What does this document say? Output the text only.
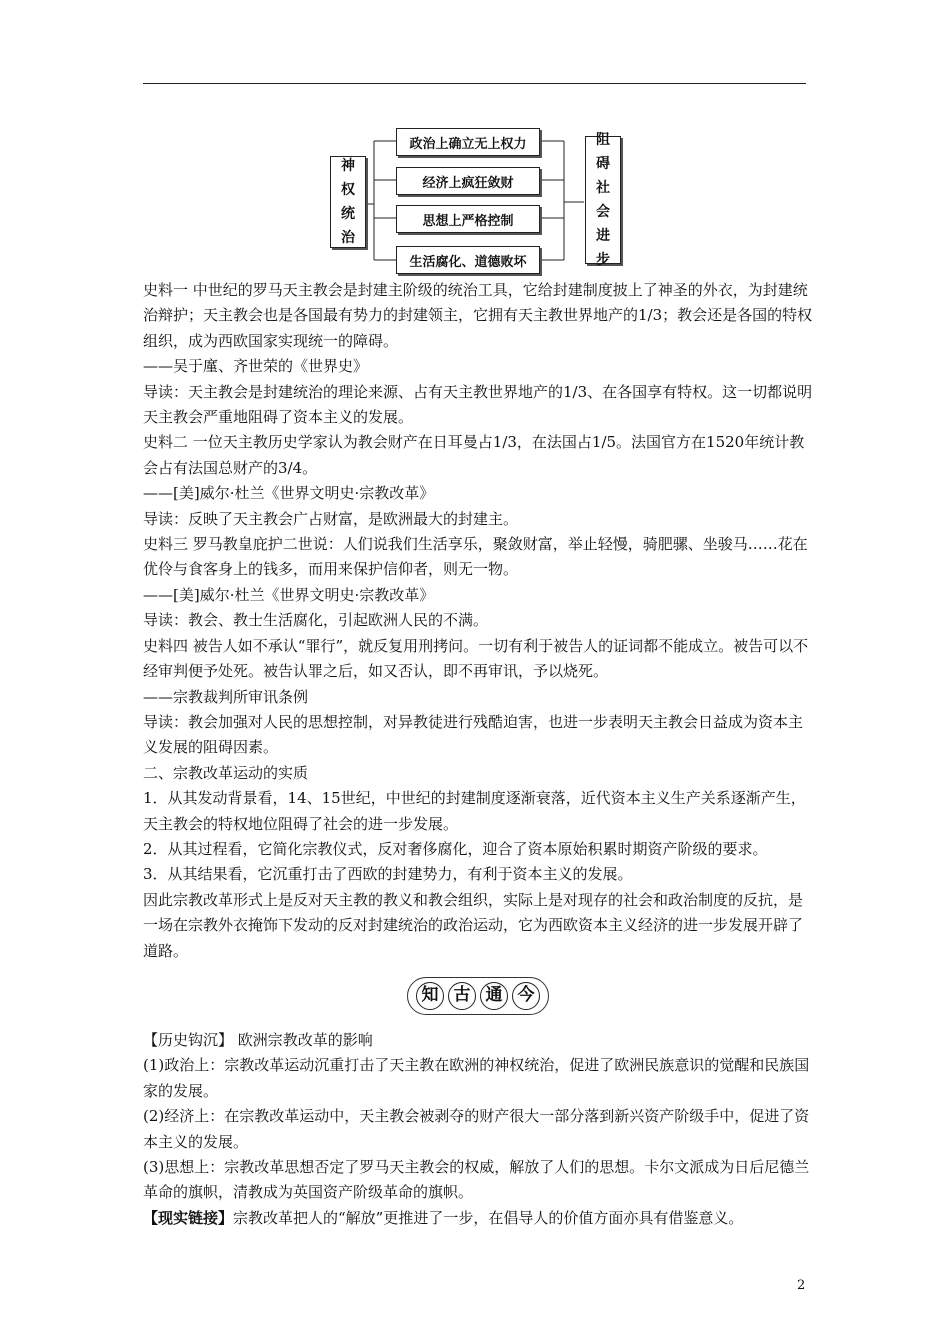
神权统治
政治上确立无上权力
经济上疯狂敛财
思想上严格控制
生活腐化、道德败坏
阻碍社会进步

史料一 中世纪的罗马天主教会是封建主阶级的统治工具，它给封建制度披上了神圣的外衣，为封建统治辩护；天主教会也是各国最有势力的封建领主，它拥有天主教世界地产的1/3；教会还是各国的特权组织，成为西欧国家实现统一的障碍。

——吴于廑、齐世荣的《世界史》

导读：天主教会是封建统治的理论来源、占有天主教世界地产的1/3、在各国享有特权。这一切都说明天主教会严重地阻碍了资本主义的发展。

史料二 一位天主教历史学家认为教会财产在日耳曼占1/3，在法国占1/5。法国官方在1520年统计教会占有法国总财产的3/4。

——[美]威尔·杜兰《世界文明史·宗教改革》

导读：反映了天主教会广占财富，是欧洲最大的封建主。

史料三 罗马教皇庇护二世说：人们说我们生活享乐，聚敛财富，举止轻慢，骑肥骡、坐骏马……花在优伶与食客身上的钱多，而用来保护信仰者，则无一物。

——[美]威尔·杜兰《世界文明史·宗教改革》

导读：教会、教士生活腐化，引起欧洲人民的不满。

史料四 被告人如不承认“罪行”，就反复用刑拷问。一切有利于被告人的证词都不能成立。被告可以不经审判便予处死。被告认罪之后，如又否认，即不再审讯，予以烧死。

——宗教裁判所审讯条例

导读：教会加强对人民的思想控制，对异教徒进行残酷迫害，也进一步表明天主教会日益成为资本主义发展的阻碍因素。

二、宗教改革运动的实质

1．从其发动背景看，14、15世纪，中世纪的封建制度逐渐衰落，近代资本主义生产关系逐渐产生，天主教会的特权地位阻碍了社会的进一步发展。

2．从其过程看，它简化宗教仪式，反对奢侈腐化，迎合了资本原始积累时期资产阶级的要求。

3．从其结果看，它沉重打击了西欧的封建势力，有利于资本主义的发展。

因此宗教改革形式上是反对天主教的教义和教会组织，实际上是对现存的社会和政治制度的反抗，是一场在宗教外衣掩饰下发动的反对封建统治的政治运动，它为西欧资本主义经济的进一步发展开辟了道路。

知 古 通 今

【历史钩沉】 欧洲宗教改革的影响

(1)政治上：宗教改革运动沉重打击了天主教在欧洲的神权统治，促进了欧洲民族意识的觉醒和民族国家的发展。

(2)经济上：在宗教改革运动中，天主教会被剥夺的财产很大一部分落到新兴资产阶级手中，促进了资本主义的发展。

(3)思想上：宗教改革思想否定了罗马天主教会的权威，解放了人们的思想。卡尔文派成为日后尼德兰革命的旗帜，清教成为英国资产阶级革命的旗帜。

【现实链接】宗教改革把人的“解放”更推进了一步，在倡导人的价值方面亦具有借鉴意义。

2
